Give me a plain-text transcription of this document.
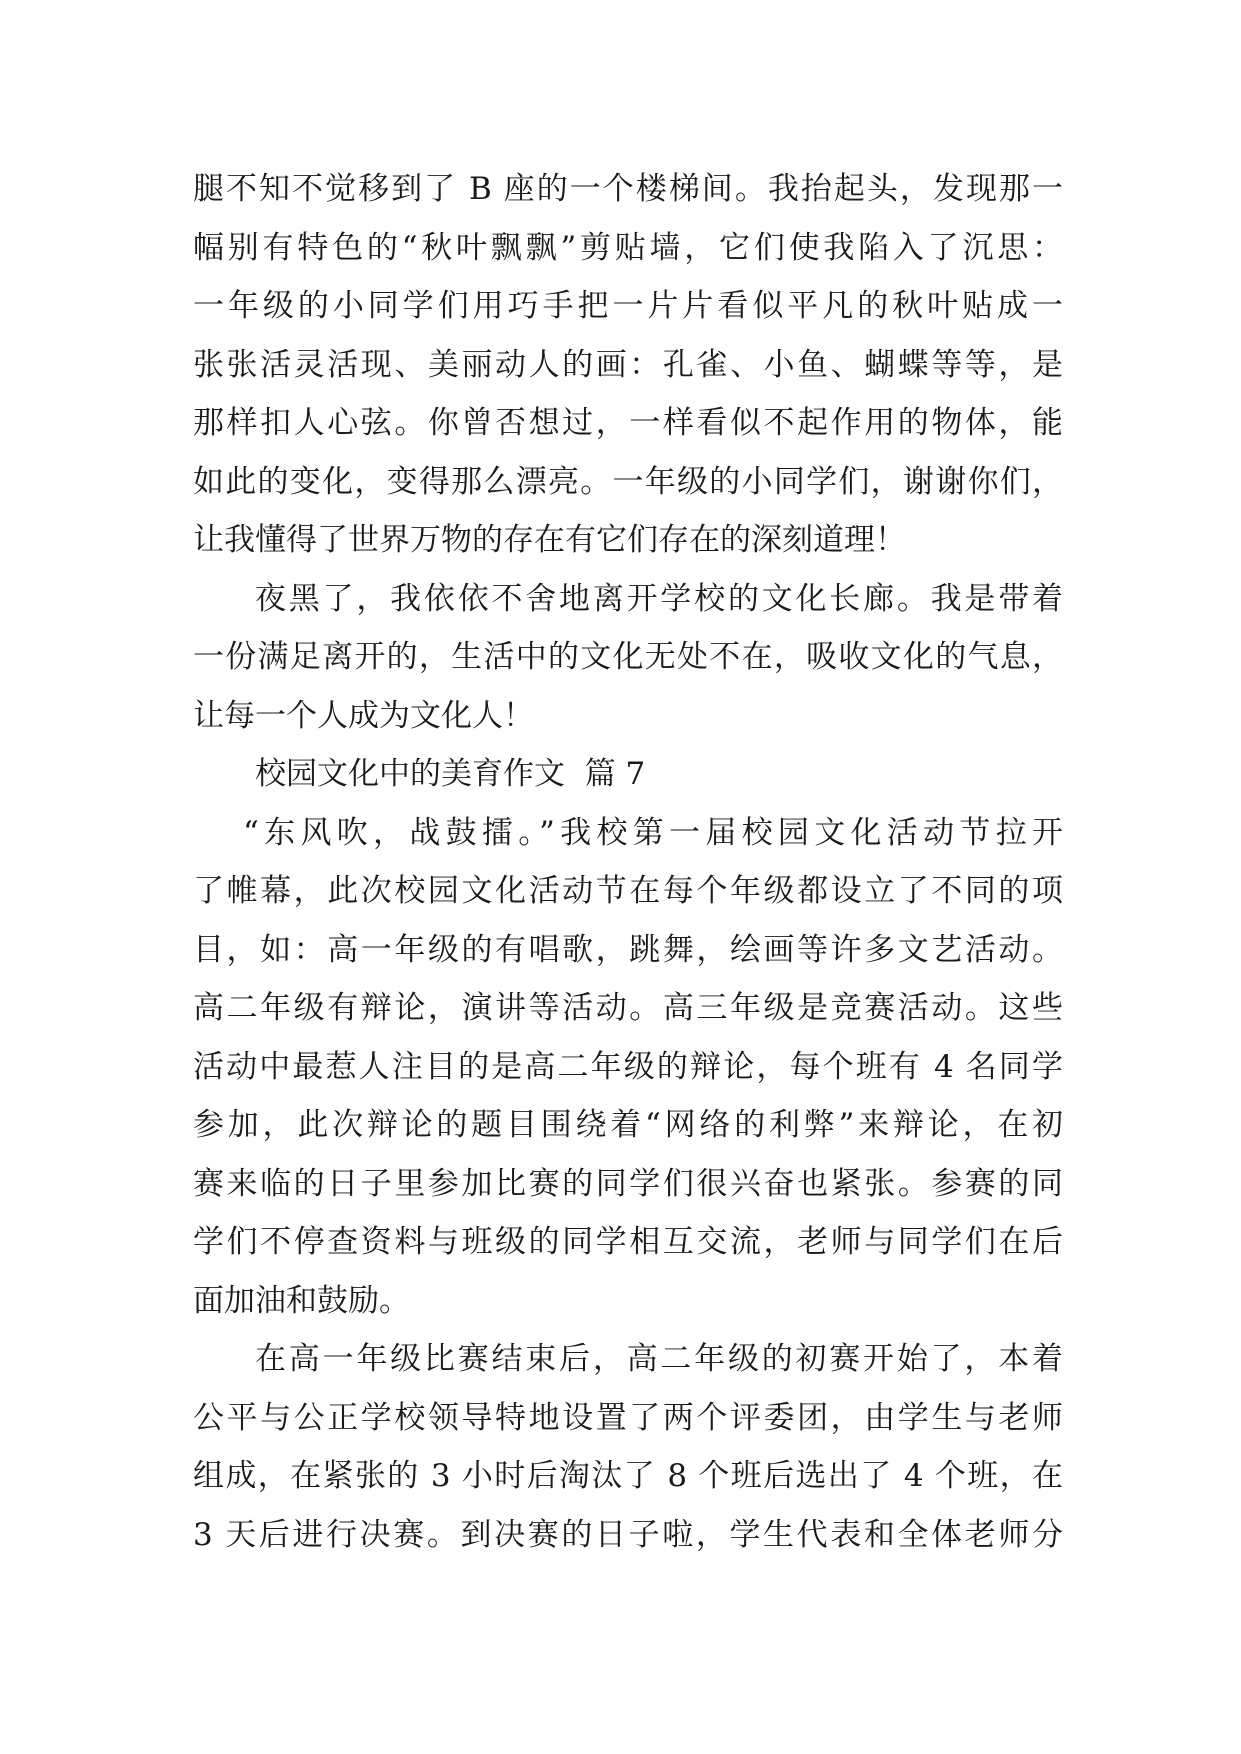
腿不知不觉移到了 B 座的一个楼梯间。我抬起头，发现那一
幅别有特色的“秋叶飘飘”剪贴墙，它们使我陷入了沉思：
一年级的小同学们用巧手把一片片看似平凡的秋叶贴成一
张张活灵活现、美丽动人的画：孔雀、小鱼、蝴蝶等等，是
那样扣人心弦。你曾否想过，一样看似不起作用的物体，能
如此的变化，变得那么漂亮。一年级的小同学们，谢谢你们，
让我懂得了世界万物的存在有它们存在的深刻道理！
夜黑了，我依依不舍地离开学校的文化长廊。我是带着
一份满足离开的，生活中的文化无处不在，吸收文化的气息，
让每一个人成为文化人！
校园文化中的美育作文  篇 7
“东风吹，战鼓擂。”我校第一届校园文化活动节拉开
了帷幕，此次校园文化活动节在每个年级都设立了不同的项
目，如：高一年级的有唱歌，跳舞，绘画等许多文艺活动。
高二年级有辩论，演讲等活动。高三年级是竞赛活动。这些
活动中最惹人注目的是高二年级的辩论，每个班有 4 名同学
参加，此次辩论的题目围绕着“网络的利弊”来辩论，在初
赛来临的日子里参加比赛的同学们很兴奋也紧张。参赛的同
学们不停查资料与班级的同学相互交流，老师与同学们在后
面加油和鼓励。
在高一年级比赛结束后，高二年级的初赛开始了，本着
公平与公正学校领导特地设置了两个评委团，由学生与老师
组成，在紧张的 3 小时后淘汰了 8 个班后选出了 4 个班，在
3 天后进行决赛。到决赛的日子啦，学生代表和全体老师分
